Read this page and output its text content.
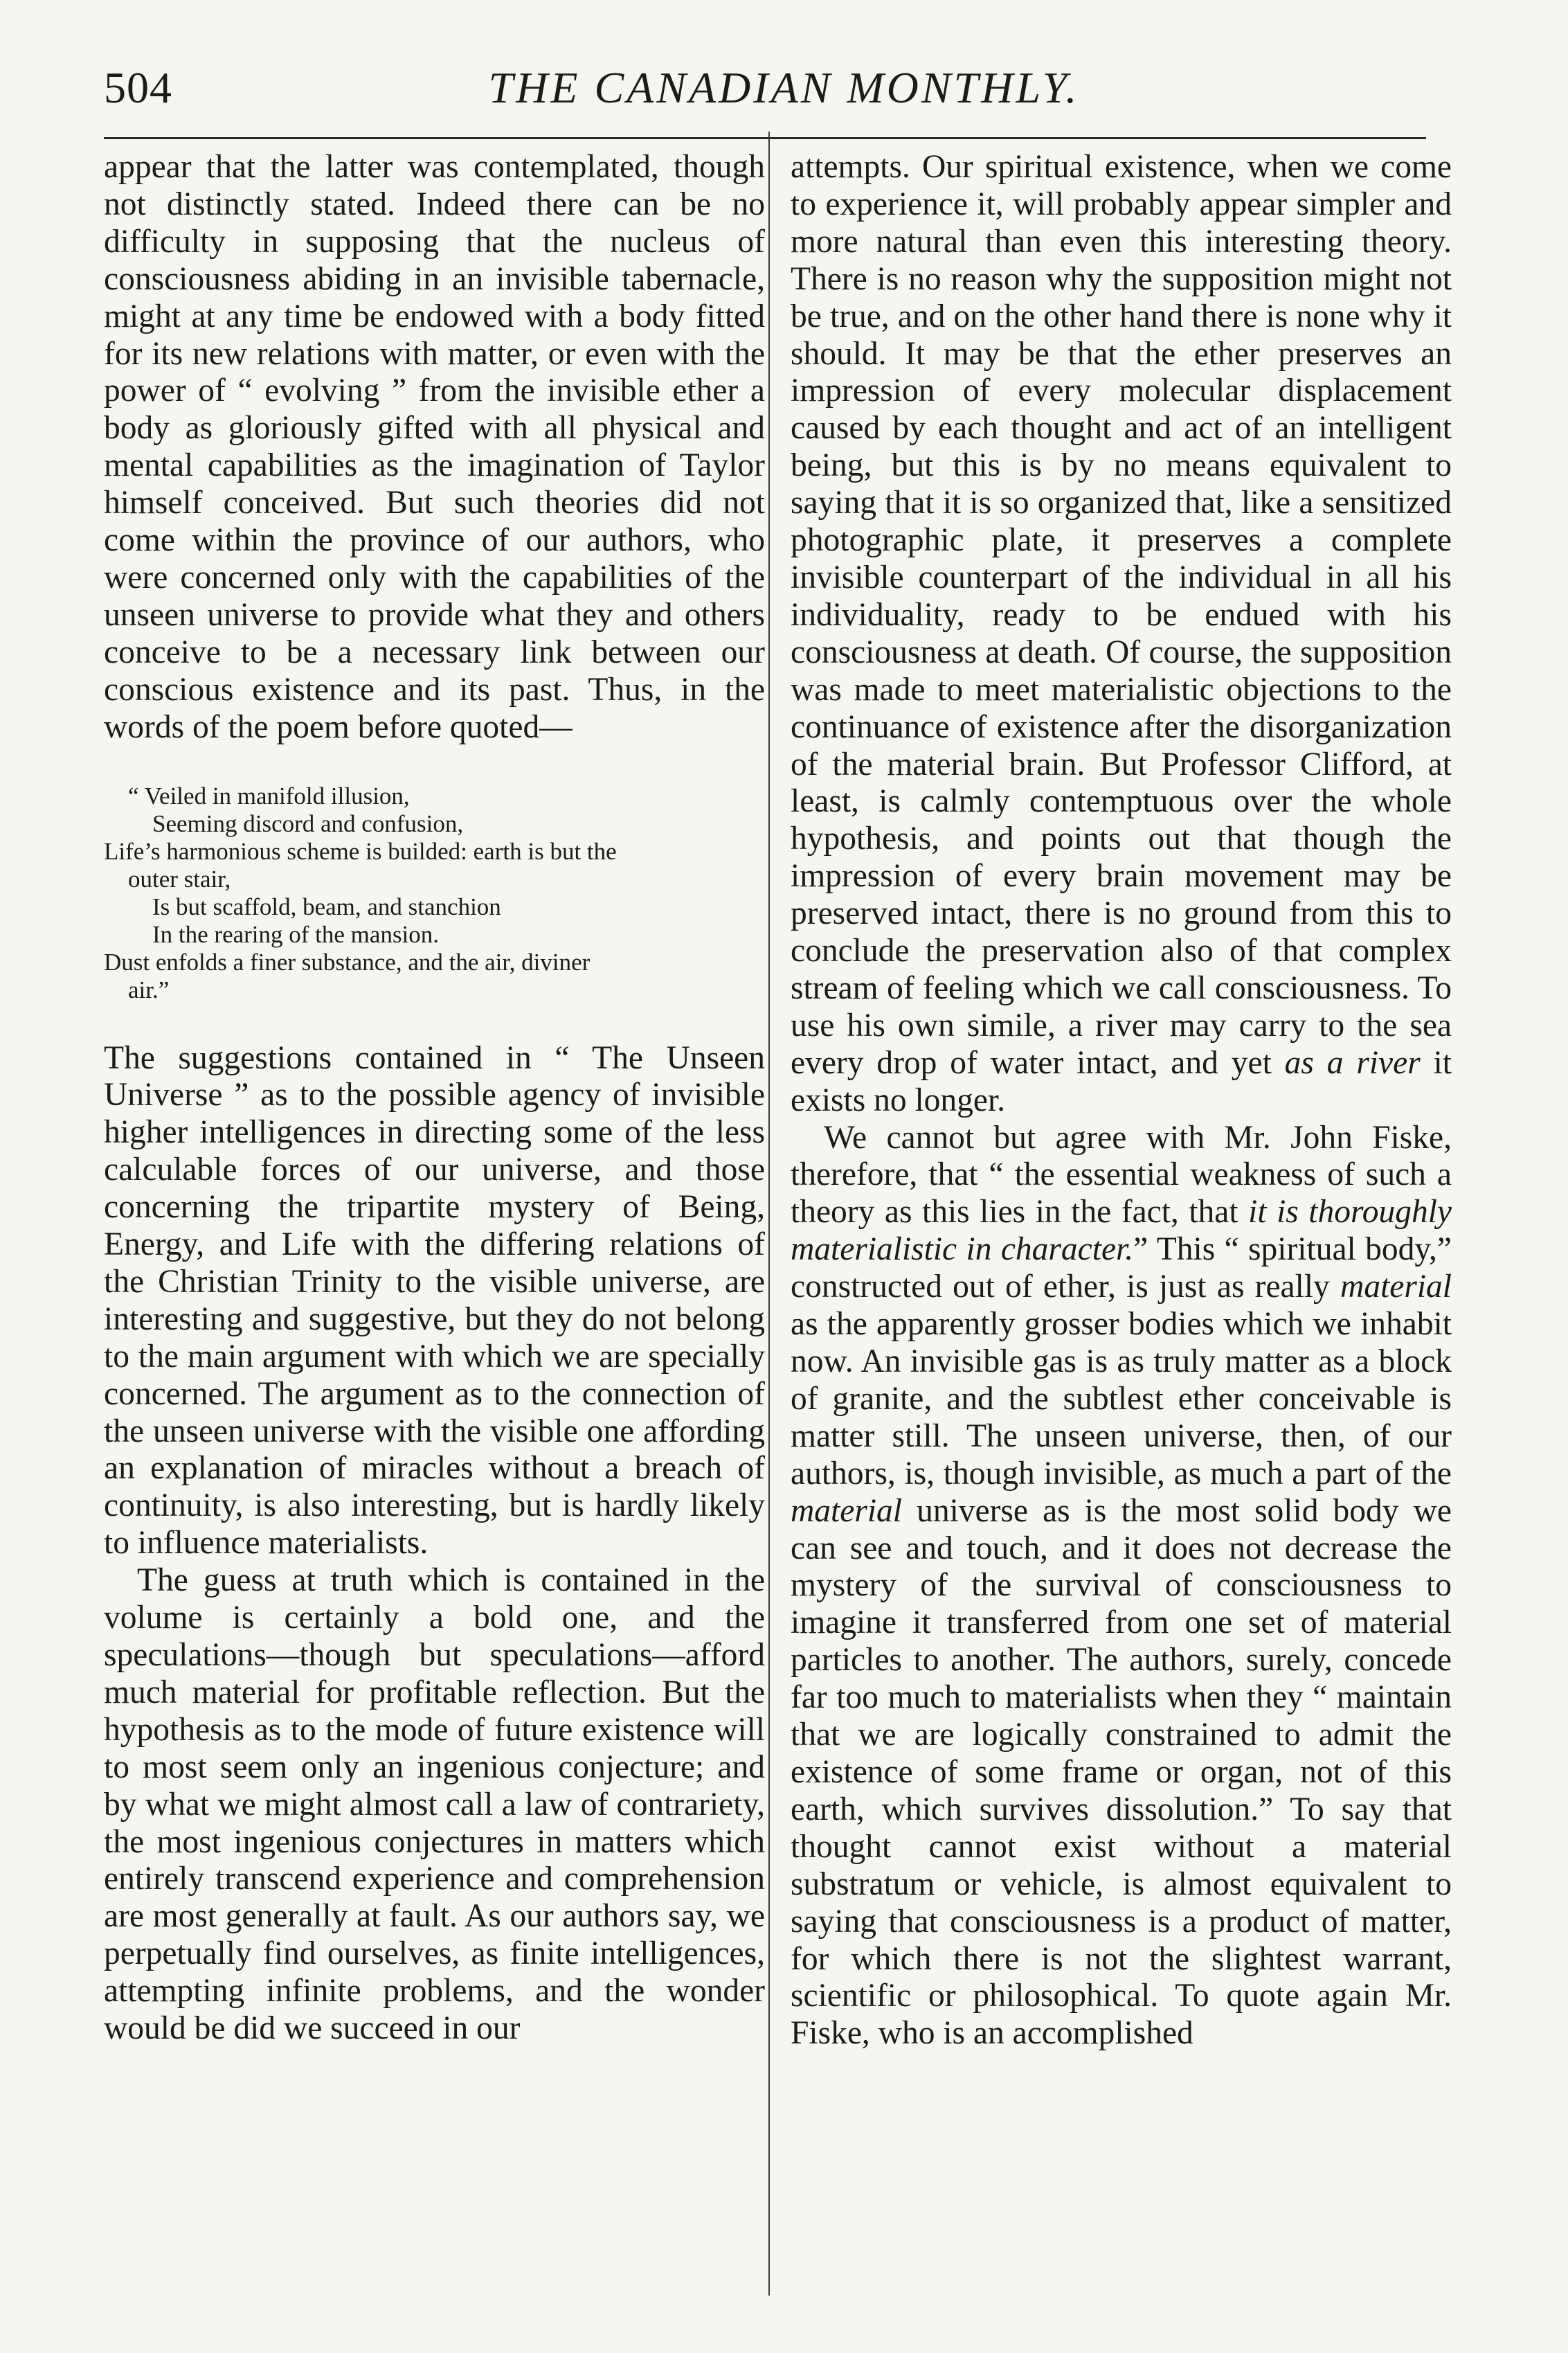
504	THE CANADIAN MONTHLY.

appear that the latter was contemplated, though not distinctly stated. Indeed there can be no difficulty in supposing that the nucleus of consciousness abiding in an invisible tabernacle, might at any time be endowed with a body fitted for its new relations with matter, or even with the power of “ evolving ” from the invisible ether a body as gloriously gifted with all physical and mental capabilities as the imagination of Taylor himself conceived. But such theories did not come within the province of our authors, who were concerned only with the capabilities of the unseen universe to provide what they and others conceive to be a necessary link between our conscious existence and its past. Thus, in the words of the poem before quoted—

“ Veiled in manifold illusion,
Seeming discord and confusion,
Life’s harmonious scheme is builded: earth is but the
outer stair,
Is but scaffold, beam, and stanchion
In the rearing of the mansion.
Dust enfolds a finer substance, and the air, diviner
air.”

The suggestions contained in “ The Unseen Universe ” as to the possible agency of invisible higher intelligences in directing some of the less calculable forces of our universe, and those concerning the tripartite mystery of Being, Energy, and Life with the differing relations of the Christian Trinity to the visible universe, are interesting and suggestive, but they do not belong to the main argument with which we are specially concerned. The argument as to the connection of the unseen universe with the visible one affording an explanation of miracles without a breach of continuity, is also interesting, but is hardly likely to influence materialists.

The guess at truth which is contained in the volume is certainly a bold one, and the speculations—though but speculations—afford much material for profitable reflection. But the hypothesis as to the mode of future existence will to most seem only an ingenious conjecture; and by what we might almost call a law of contrariety, the most ingenious conjectures in matters which entirely transcend experience and comprehension are most generally at fault. As our authors say, we perpetually find ourselves, as finite intelligences, attempting infinite problems, and the wonder would be did we succeed in our

attempts. Our spiritual existence, when we come to experience it, will probably appear simpler and more natural than even this interesting theory. There is no reason why the supposition might not be true, and on the other hand there is none why it should. It may be that the ether preserves an impression of every molecular displacement caused by each thought and act of an intelligent being, but this is by no means equivalent to saying that it is so organized that, like a sensitized photographic plate, it preserves a complete invisible counterpart of the individual in all his individuality, ready to be endued with his consciousness at death. Of course, the supposition was made to meet materialistic objections to the continuance of existence after the disorganization of the material brain. But Professor Clifford, at least, is calmly contemptuous over the whole hypothesis, and points out that though the impression of every brain movement may be preserved intact, there is no ground from this to conclude the preservation also of that complex stream of feeling which we call consciousness. To use his own simile, a river may carry to the sea every drop of water intact, and yet as a river it exists no longer.

We cannot but agree with Mr. John Fiske, therefore, that “ the essential weakness of such a theory as this lies in the fact, that it is thoroughly materialistic in character.” This “ spiritual body,” constructed out of ether, is just as really material as the apparently grosser bodies which we inhabit now. An invisible gas is as truly matter as a block of granite, and the subtlest ether conceivable is matter still. The unseen universe, then, of our authors, is, though invisible, as much a part of the material universe as is the most solid body we can see and touch, and it does not decrease the mystery of the survival of consciousness to imagine it transferred from one set of material particles to another. The authors, surely, concede far too much to materialists when they “ maintain that we are logically constrained to admit the existence of some frame or organ, not of this earth, which survives dissolution.” To say that thought cannot exist without a material substratum or vehicle, is almost equivalent to saying that consciousness is a product of matter, for which there is not the slightest warrant, scientific or philosophical. To quote again Mr. Fiske, who is an accomplished
